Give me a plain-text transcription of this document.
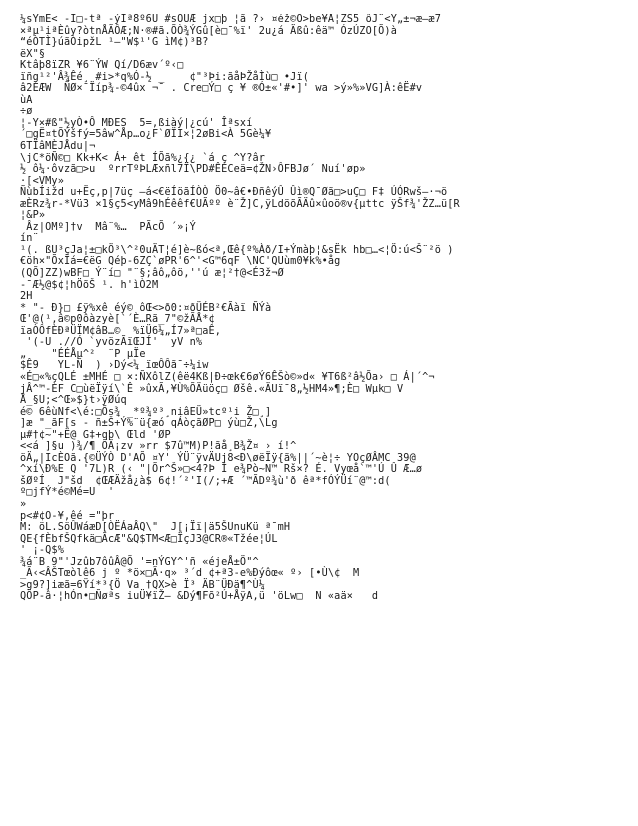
¼sÝmE< -I□-tª -ýÍª8º6Û #sOÚÆ jx□þ ¦ã ?› ¤éž©Ô>be¥Å¦ZŠ5 ôJ¨<Y„±¬æ—æ7
×ªµ¹iªÈûy?òtnÅÃÔÆ;N·®#ã.ÕÒ¾ÝGû[è□¯%ï' 2u¿á Äßû:êä™ ÓzÚZO[Õ)à
“éÒTÌ}úãÒipžL ¹—"W$¹'G ìM¢)³B?
ëX"§
Ktâþ8ïZR ¥6¨ÝW Qí/D6æv´º‹□
ïñg¹²'Â¾Êé¸ #i>*q%Ó-½ _    ¢"³Þi:ãåÞŽåÌù□ •Jï(
â2ÉÆW  ÑØ×¯Ïíp¾-©4ûx ¬¯ . Cre□Ý□ ç ¥ ®Ó±«'#•]' wa >ý»%»VG]À:êË#v
ùA
÷ø
¦-Y×#ß"½yÒ•Ô MÐES  5=,ßiàý|¿cú' Îªsxí
´□gË¤tÕÝšfý=5âw^Åp…o¿F`ØÏI×¦2øBi<À 5Gè¼¥
6TÏâMÈJÅdu|¬
\jC*öÑ©□ Kk+K< Á+ êt ÍÕã%¿{¿ `á ç ^Y?âr
½ ô¼·ôvzã□>u  ºrrTºÞLÆxñl7Ï\PD#ÊÉCeä=¢ŽN›ÔFBJø´ Nuí'øp»
·[<VMy»
ÑùbÍižd u+Ëç,p|7üç —á<€ëÍöãÍÒÒ Ö0~â€•ÐñêýÛ Ûì®Q¯Øã□>uÇ□ F‡ ÚÓRwš—·¬ö
æÈRz¾r-*Vü3 ×1§ç5<yMâ9hÉêêf€UÃºº è¨Ž]C,ÿLdöõÃÄû×ûoö®v{µttc ÿŠf¾'ŽZ…ü[R
¦&P»
Âz|OMº]†v  Mâ¨%…  PÃcÕ ´»¡Ý
ín¨
¹(. ßU³çJa¦±□kÖ³\^²0uÄT¦é]è~ßó<ª,Œê{º%Àð/I+Ýmàþ¦&sËk hb□…<¦Ö:ú<Š¨²ö )
€öh×"ÕxÏá=€ëG Qéþ-6ZÇ`øPR'6^'<G™6qF \NC'QUùm0¥k%•åg
(QÕ]ZZ)wBF□ Ý¨í□ "¨§;âô„ôö,''ú æ¦²†@<É3ž¬Ø
-¯Æ½@$¢¦hÖõŠ ¹. h'ìÒ2M
2H
* "- Ð}□ £ÿ%xê éý© ôŒ<>ð0:¤ðÜÉB²€Ãàï ÑÝà
Œ'@(¹,â©p0ôàzyè[`´È…Rã_7"©žÃÅ*¢
ïaÒÔfÈÐªÜÏM¢âB…©  %ïÜ6¼„Í7»ª□aÊ,
'(-U .//Ó `yvözÃïŒJÍ'  yV n%
„    "ÉÉÅµ^²  ¨P µÏe
$Ê9   YL-Ñ  ) ›Dý<¼ ïœÔÔã¯÷¼iw
«É□«%çQLÉ ±MHÉ □ ×:ÑXôlZ(êë4Kß|Ð÷œk€6øÝ6ÊŠò©»d« ¥T6ß²â½Õa› □ Á|´^¬
jÂ^™-ÈF C□ùëÏÿí\`Ê »ûxÃ,¥Ù%ÕÄüöç□ Øšê.«ÄUï¯8„½HM4»¶;È□ Wµk□ V
Å_§U;<^Œ»$}t›ÿØúq
é© 6êùNf<\é:□Õs¾ _*º¾º³¸niâEÜ»tcº¹i Ž□¸]
]æ "_ãF[s - ñ±Š+Ý%¨ü{æó qÁòçãØP□ ýù□Ž,\Lg
µ#†¢~"+Ë@ G‡+qþ\ Œld 'ØP
<<á ]§u )¾/¶ ÕÄ¡zv »rr $7û™M)P!ãå¸B¾Ž¤ › í!^
öÄ„|IcÈOã.{©ÜÝÒ D'AÕ ¤Y' ÝÜ¨ÿvÄUj8<Ð\øëÏÿ{ã%||´~è¦÷ YOçØÂMC 39@
^xí\Ð%E Q '7L)R (‹ "|Õr^Š»□<4?Þ Í e¾Pò~N™ Rš×? É. Vyœå`™'Ú Û Æ…ø
šØºÍ  J"šd  ¢ŒÆÄžå¿à$ 6¢!´²'I(/;+Æ ´™ÃDº¾ù'ð êª*fÓÝÜí¨@™:d(
º□jfÝ*é©Mé=U  '
»
p<#¢O-¥,êé ="þr
M: öL.SöÛWáæD[ÒËÁaÂQ\"  J[¡Ïï|ä5ŠUnuKü ª¯mH
QE{fÈbfŠQfkä□ÃcÆ"&Q$TM<Æ□ÏçJ3@CR®«Tžée¦ÚL
' ¡-Q$%
¾á¨B 9"'Jzûb7ôûÂ@Õ '=nÝGY^'ñ «éjeÅ±Ö"^
_Ã‹<ÂŠTœòlê6 j º *ö×□Ã·q» ³´d ¢+ª3-e%Ðýôœ« º› [•Ù\¢  M
>g9?]iæã=6Ÿí*³{Ö Va †QX>è Ï³ ÄB¨ÜÐä¶^Ù¼
QÖP-â·¦hÓn•□Ñøªs iuÜ¥ïŽ— &Dý¶Fõ²Ú+ÅÿA,ü 'öLw□  N «aä×   d
